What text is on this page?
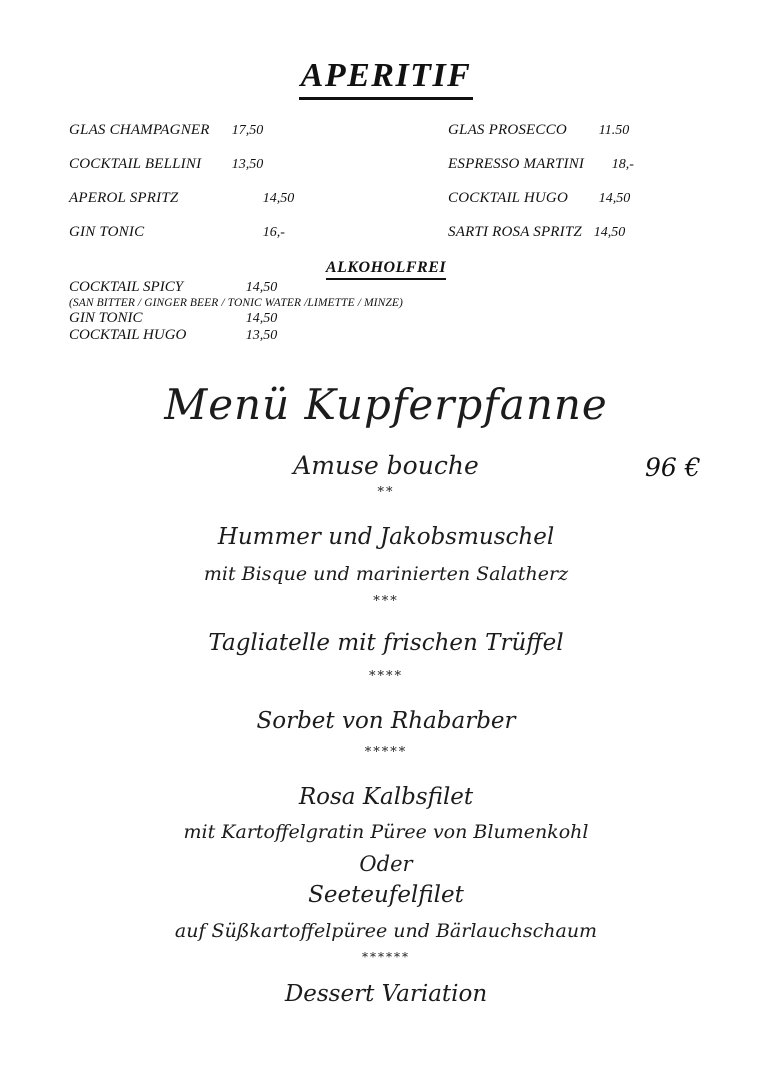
APERITIF
GLAS CHAMPAGNER 17,50
COCKTAIL BELLINI 13,50
APEROL SPRITZ	14,50
GIN TONIC	16,-
GLAS PROSECCO 11.50
ESPRESSO MARTINI 18,-
COCKTAIL HUGO 14,50
SARTI ROSA SPRITZ 14,50
ALKOHOLFREI
COCKTAIL SPICY	14,50
(SAN BITTER / GINGER BEER / TONIC WATER /LIMETTE / MINZE)
GIN TONIC	14,50
COCKTAIL HUGO	13,50
Menü Kupferpfanne
Amuse bouche	96 €
**
Hummer und Jakobsmuschel
mit Bisque und marinierten Salatherz
***
Tagliatelle mit frischen Trüffel
****
Sorbet von Rhabarber
*****
Rosa Kalbsfilet
mit Kartoffelgratin Püree von Blumenkohl
Oder
Seeteufelfilet
auf Süßkartoffelpüree und Bärlauchschaum
******
Dessert Variation
